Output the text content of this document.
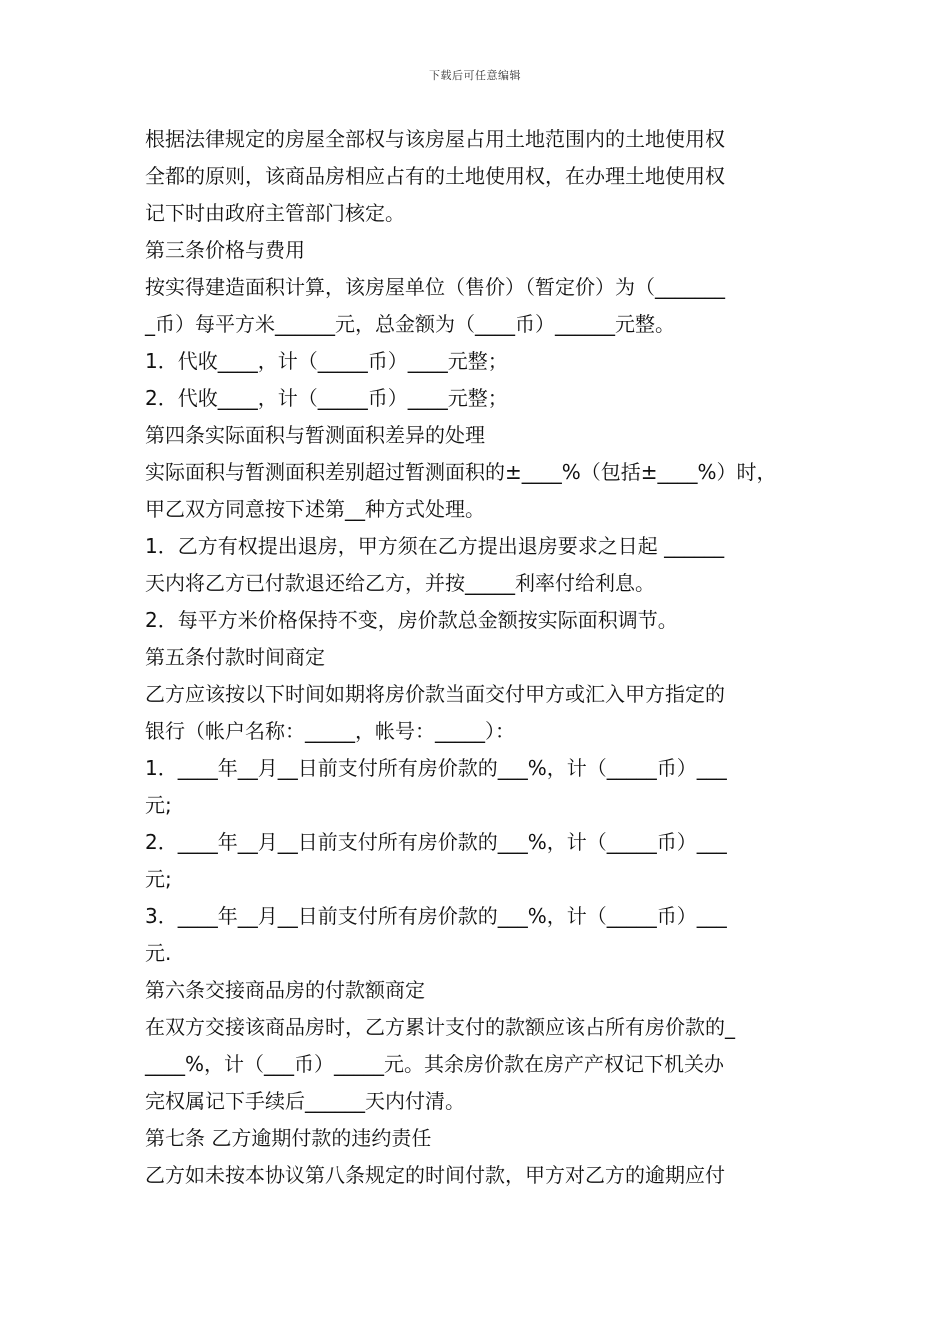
下载后可任意编辑
根据法律规定的房屋全部权与该房屋占用土地范围内的土地使用权
全都的原则，该商品房相应占有的土地使用权，在办理土地使用权
记下时由政府主管部门核定。
第三条价格与费用
按实得建造面积计算，该房屋单位（售价）（暂定价）为（_______
_币）每平方米______元，总金额为（____币）______元整。
1．代收____，计（_____币）____元整；
2．代收____，计（_____币）____元整；
第四条实际面积与暂测面积差异的处理
实际面积与暂测面积差别超过暂测面积的±____%（包括±____%）时，
甲乙双方同意按下述第__种方式处理。
1．乙方有权提出退房，甲方须在乙方提出退房要求之日起 ______
天内将乙方已付款退还给乙方，并按_____利率付给利息。
2．每平方米价格保持不变，房价款总金额按实际面积调节。
第五条付款时间商定
乙方应该按以下时间如期将房价款当面交付甲方或汇入甲方指定的
银行（帐户名称：_____，帐号：_____）：
1．____年__月__日前支付所有房价款的___%，计（_____币）___
元;
2．____年__月__日前支付所有房价款的___%，计（_____币）___
元;
3．____年__月__日前支付所有房价款的___%，计（_____币）___
元.
第六条交接商品房的付款额商定
在双方交接该商品房时，乙方累计支付的款额应该占所有房价款的_
____%，计（___币）_____元。其余房价款在房产产权记下机关办
完权属记下手续后______天内付清。
第七条 乙方逾期付款的违约责任
乙方如未按本协议第八条规定的时间付款，甲方对乙方的逾期应付
